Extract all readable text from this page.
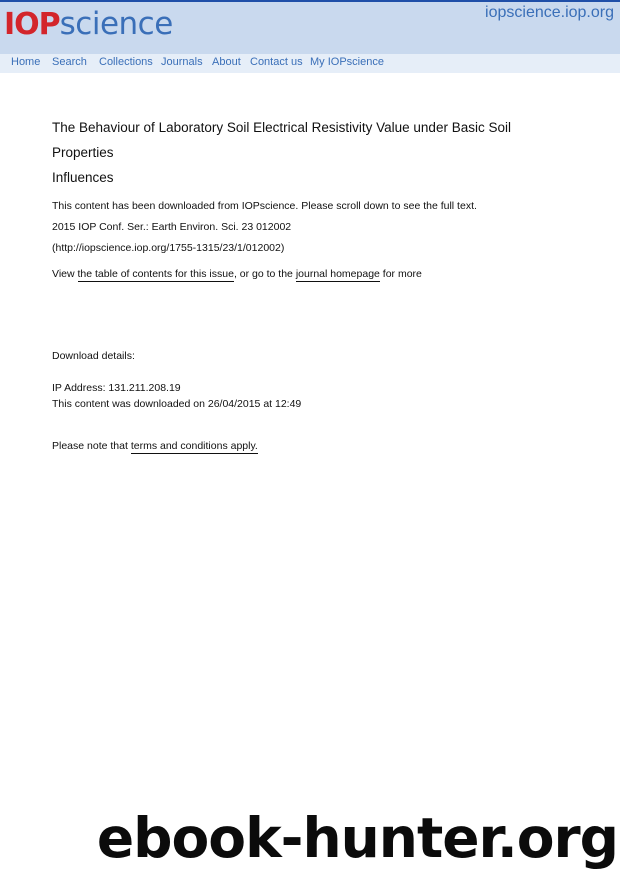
IOPscience	iopscience.iop.org
Home Search Collections Journals About Contact us My IOPscience
The Behaviour of Laboratory Soil Electrical Resistivity Value under Basic Soil Properties
Influences
This content has been downloaded from IOPscience. Please scroll down to see the full text.
2015 IOP Conf. Ser.: Earth Environ. Sci. 23 012002
(http://iopscience.iop.org/1755-1315/23/1/012002)
View the table of contents for this issue, or go to the journal homepage for more
Download details:
IP Address: 131.211.208.19
This content was downloaded on 26/04/2015 at 12:49
Please note that terms and conditions apply.
ebook-hunter.org
